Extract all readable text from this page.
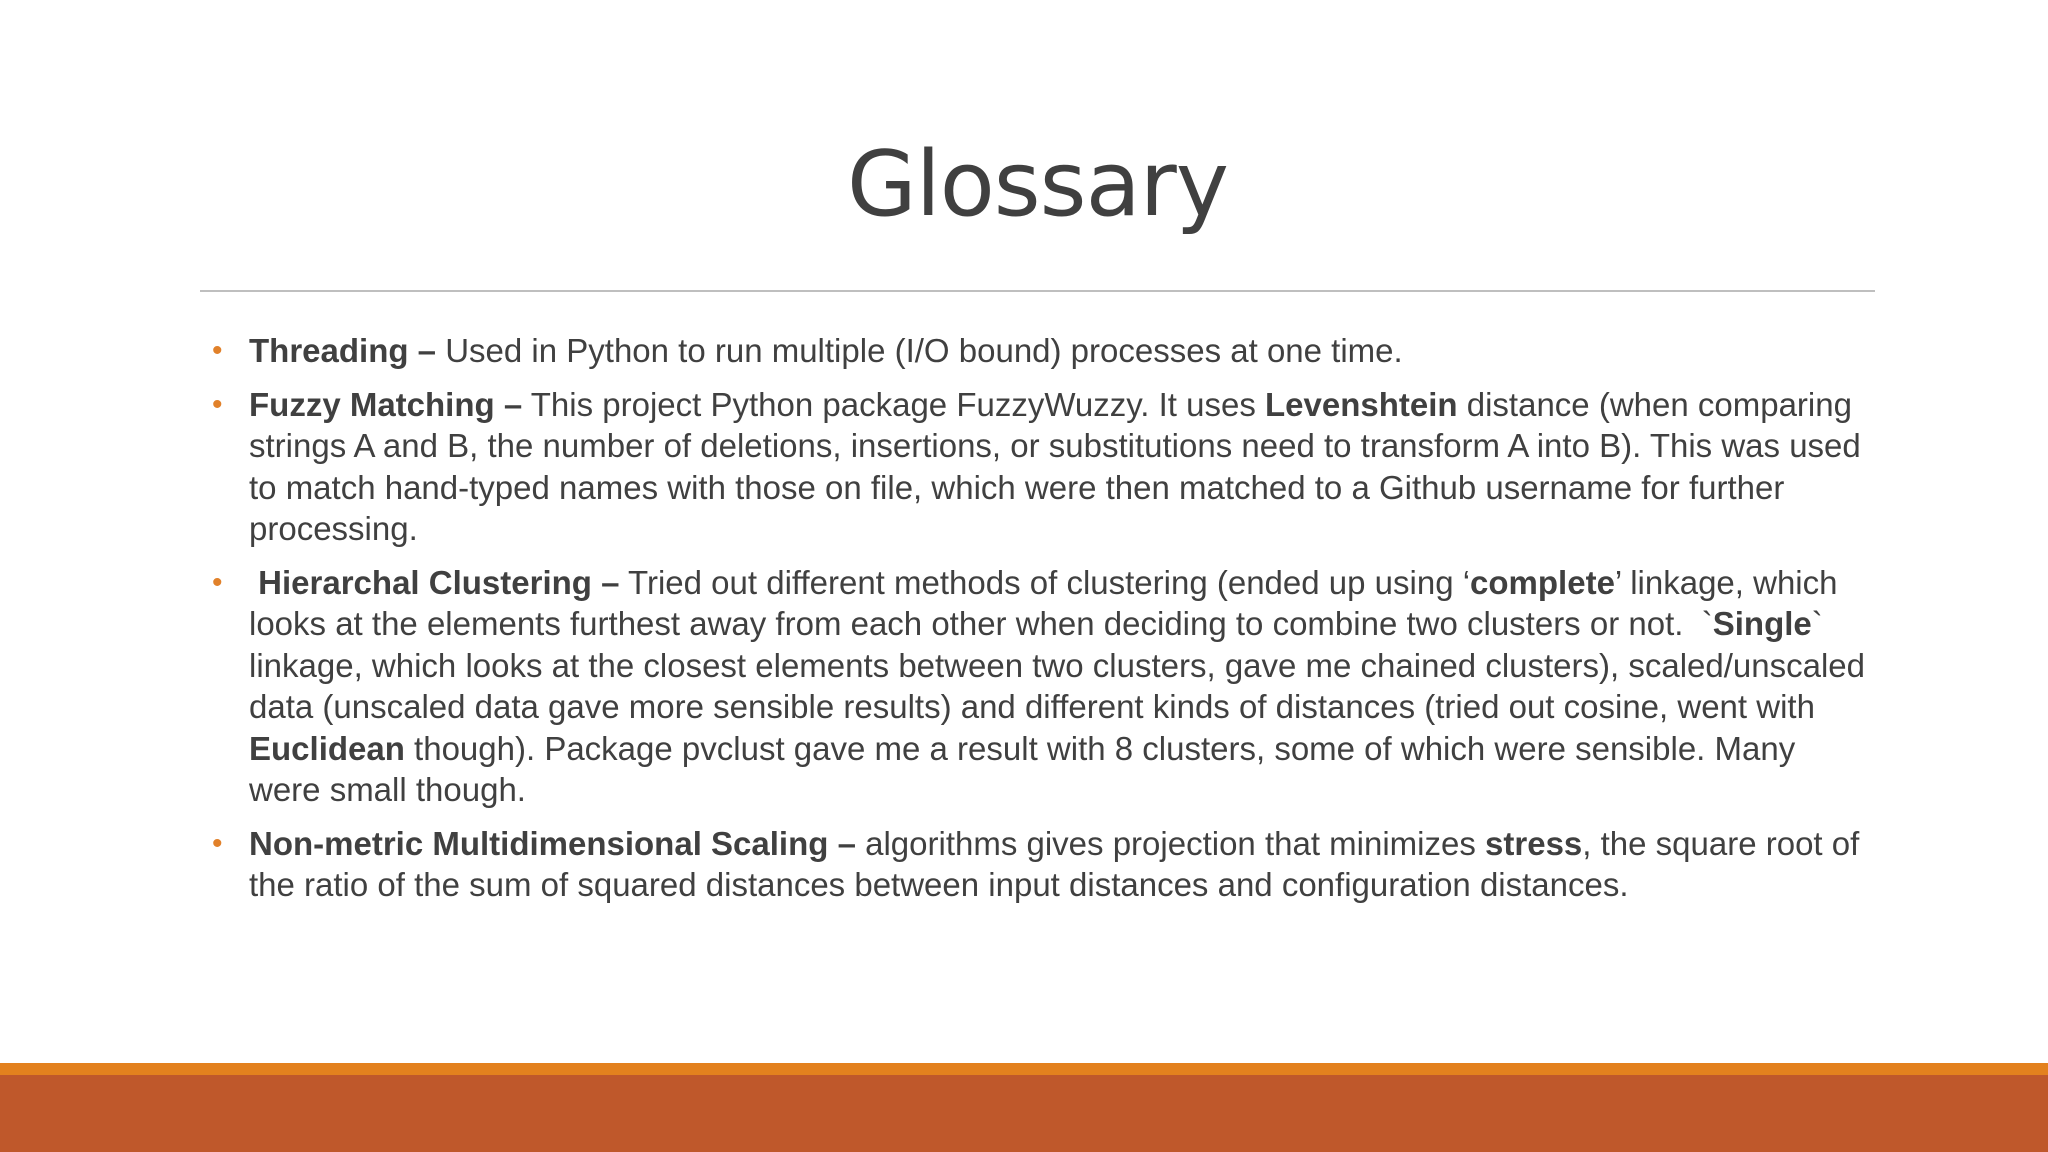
Glossary
• Threading – Used in Python to run multiple (I/O bound) processes at one time.
• Fuzzy Matching – This project Python package FuzzyWuzzy. It uses Levenshtein distance (when comparing strings A and B, the number of deletions, insertions, or substitutions need to transform A into B). This was used to match hand-typed names with those on file, which were then matched to a Github username for further processing.
• Hierarchal Clustering – Tried out different methods of clustering (ended up using ‘complete’ linkage, which looks at the elements furthest away from each other when deciding to combine two clusters or not.  `Single` linkage, which looks at the closest elements between two clusters, gave me chained clusters), scaled/unscaled data (unscaled data gave more sensible results) and different kinds of distances (tried out cosine, went with Euclidean though). Package pvclust gave me a result with 8 clusters, some of which were sensible. Many were small though.
• Non-metric Multidimensional Scaling – algorithms gives projection that minimizes stress, the square root of the ratio of the sum of squared distances between input distances and configuration distances.
